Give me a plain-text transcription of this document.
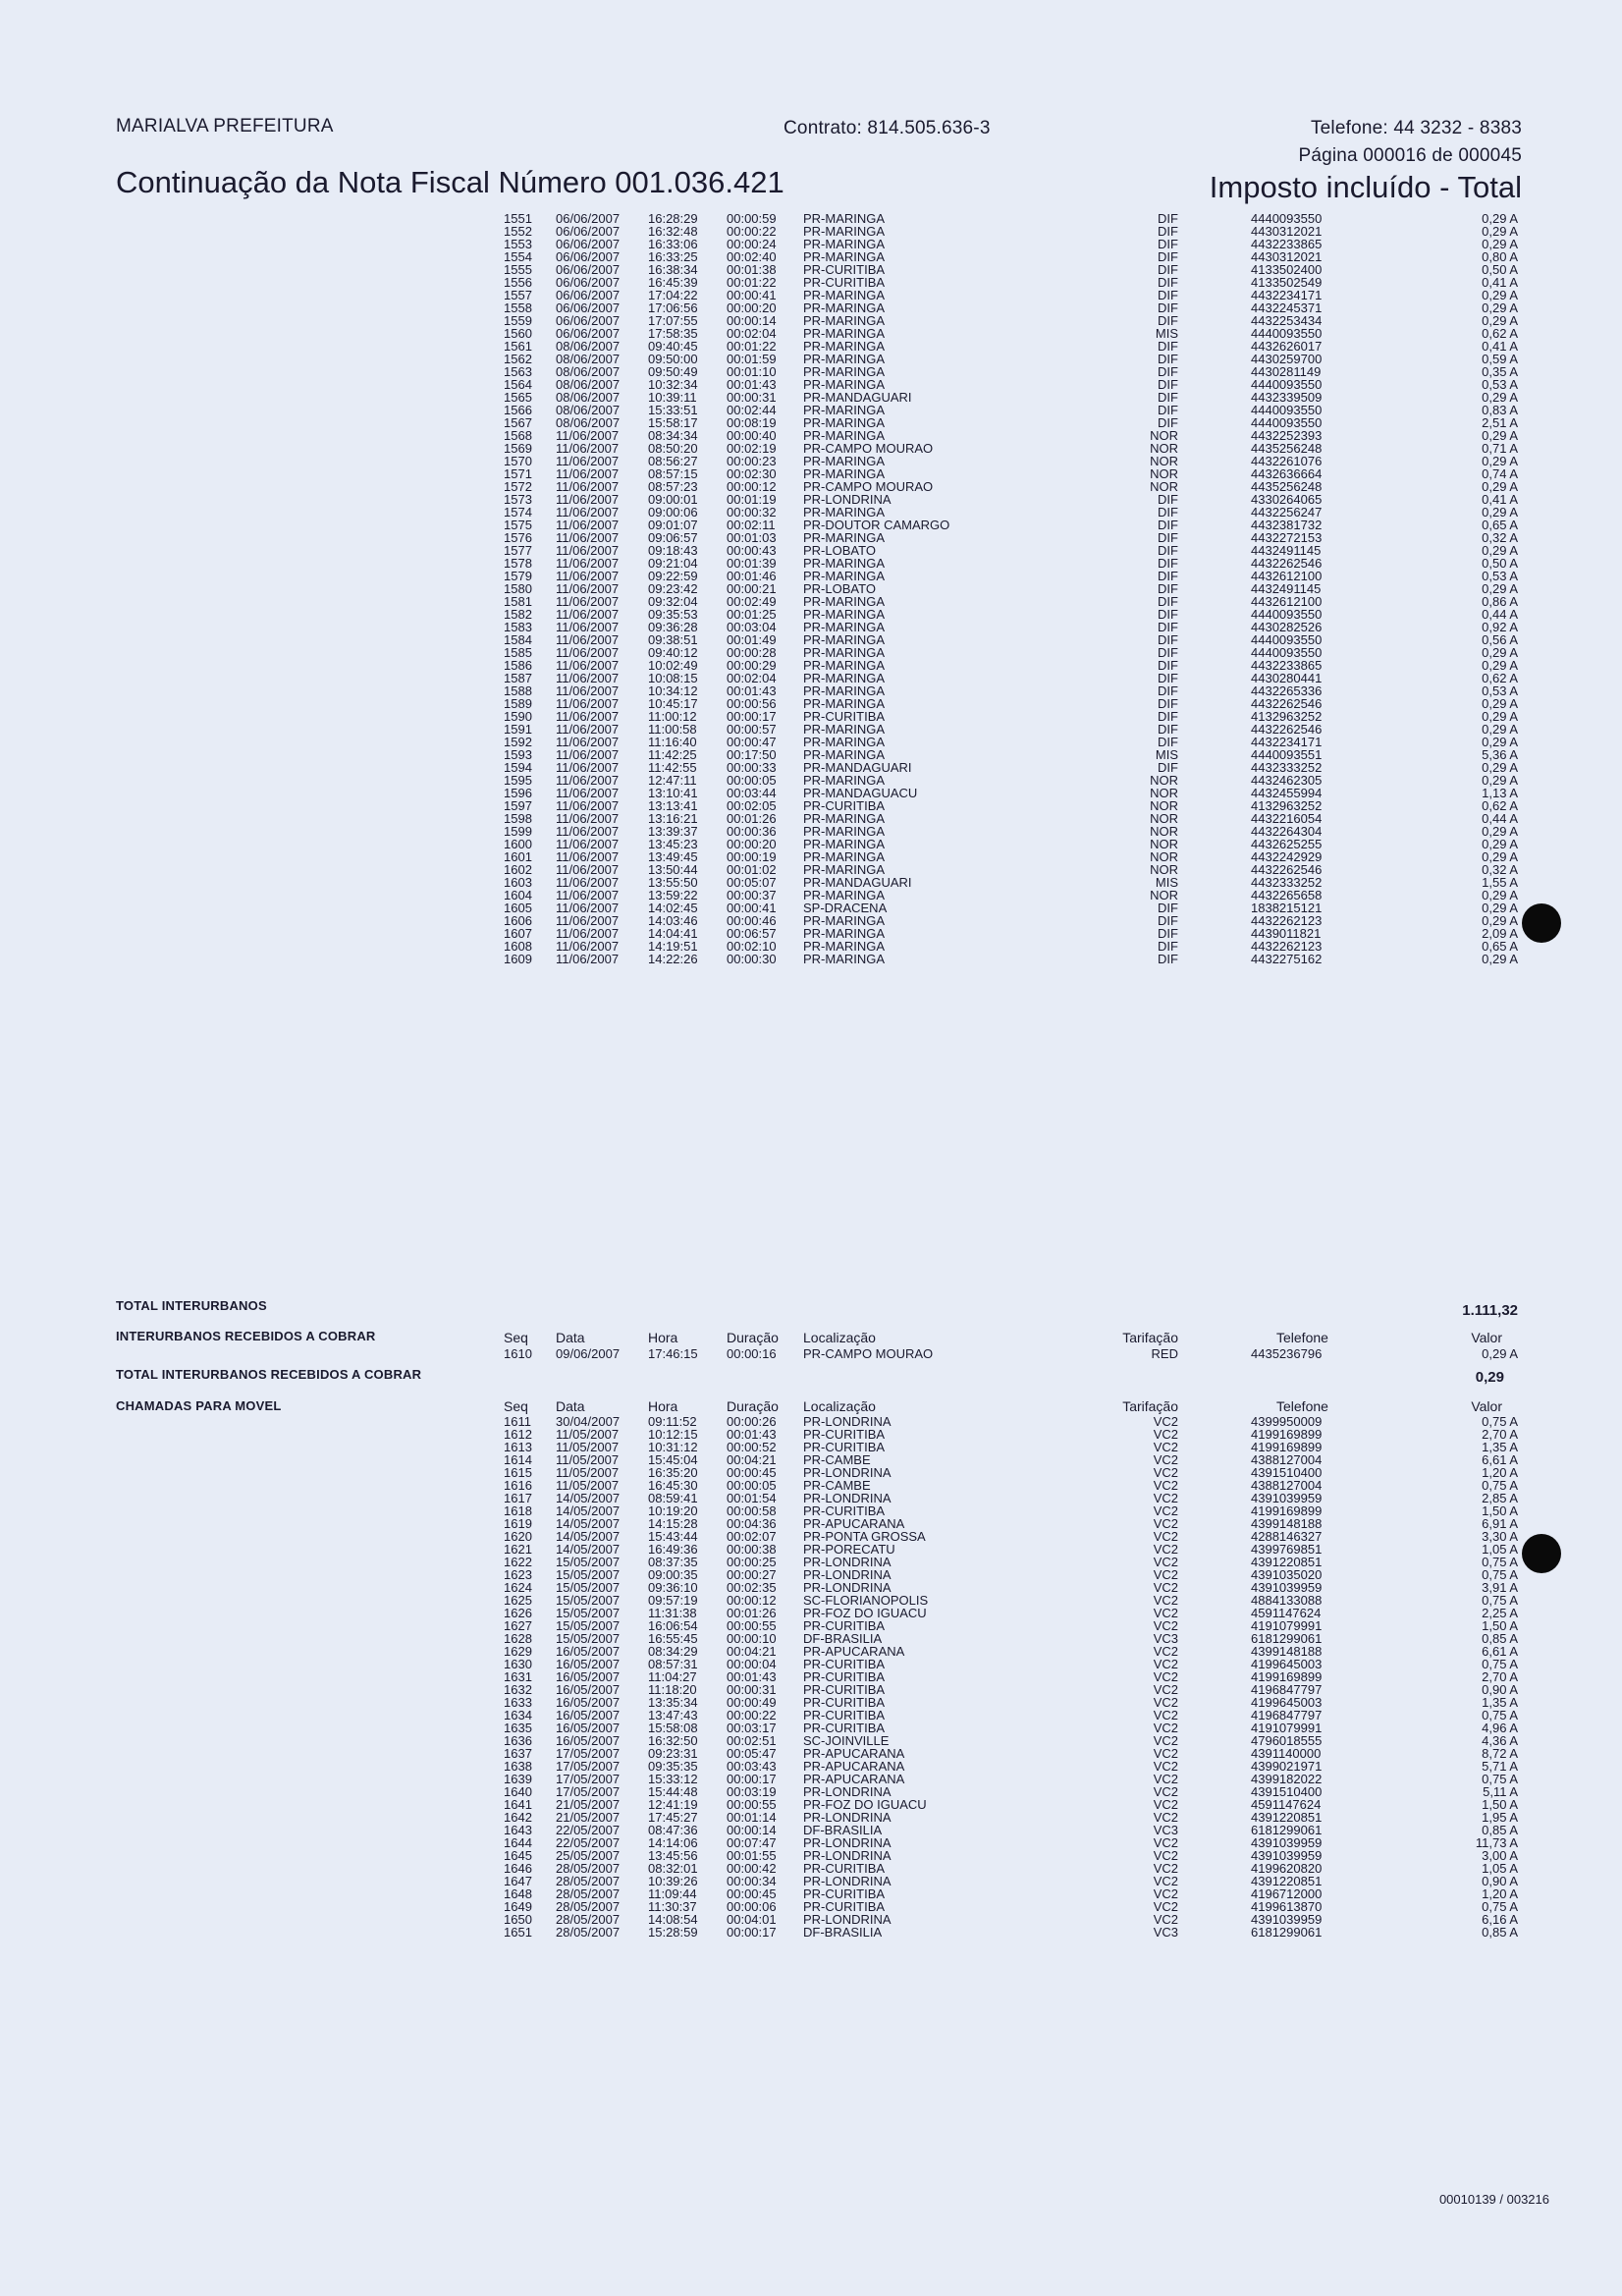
MARIALVA PREFEITURA	Contrato: 814.505.636-3	Telefone: 44 3232 - 8383
Página 000016 de 000045
Continuação da Nota Fiscal Número 001.036.421	Imposto incluído - Total
1551 06/06/2007 16:28:29 00:00:59 PR-MARINGA	DIF	4440093550	0,29 A
1552 06/06/2007 16:32:48 00:00:22 PR-MARINGA	DIF	4430312021	0,29 A
1553 06/06/2007 16:33:06 00:00:24 PR-MARINGA	DIF	4432233865	0,29 A
1554 06/06/2007 16:33:25 00:02:40 PR-MARINGA	DIF	4430312021	0,80 A
1555 06/06/2007 16:38:34 00:01:38 PR-CURITIBA	DIF	4133502400	0,50 A
1556 06/06/2007 16:45:39 00:01:22 PR-CURITIBA	DIF	4133502549	0,41 A
1557 06/06/2007 17:04:22 00:00:41 PR-MARINGA	DIF	4432234171	0,29 A
1558 06/06/2007 17:06:56 00:00:20 PR-MARINGA	DIF	4432245371	0,29 A
1559 06/06/2007 17:07:55 00:00:14 PR-MARINGA	DIF	4432253434	0,29 A
1560 06/06/2007 17:58:35 00:02:04 PR-MARINGA	MIS	4440093550	0,62 A
1561 08/06/2007 09:40:45 00:01:22 PR-MARINGA	DIF	4432626017	0,41 A
1562 08/06/2007 09:50:00 00:01:59 PR-MARINGA	DIF	4430259700	0,59 A
1563 08/06/2007 09:50:49 00:01:10 PR-MARINGA	DIF	4430281149	0,35 A
1564 08/06/2007 10:32:34 00:01:43 PR-MARINGA	DIF	4440093550	0,53 A
1565 08/06/2007 10:39:11 00:00:31 PR-MANDAGUARI	DIF	4432339509	0,29 A
1566 08/06/2007 15:33:51 00:02:44 PR-MARINGA	DIF	4440093550	0,83 A
1567 08/06/2007 15:58:17 00:08:19 PR-MARINGA	DIF	4440093550	2,51 A
1568 11/06/2007 08:34:34 00:00:40 PR-MARINGA	NOR	4432252393	0,29 A
1569 11/06/2007 08:50:20 00:02:19 PR-CAMPO MOURAO	NOR	4435256248	0,71 A
1570 11/06/2007 08:56:27 00:00:23 PR-MARINGA	NOR	4432261076	0,29 A
1571 11/06/2007 08:57:15 00:02:30 PR-MARINGA	NOR	4432636664	0,74 A
1572 11/06/2007 08:57:23 00:00:12 PR-CAMPO MOURAO	NOR	4435256248	0,29 A
1573 11/06/2007 09:00:01 00:01:19 PR-LONDRINA	DIF	4330264065	0,41 A
1574 11/06/2007 09:00:06 00:00:32 PR-MARINGA	DIF	4432256247	0,29 A
1575 11/06/2007 09:01:07 00:02:11 PR-DOUTOR CAMARGO	DIF	4432381732	0,65 A
1576 11/06/2007 09:06:57 00:01:03 PR-MARINGA	DIF	4432272153	0,32 A
1577 11/06/2007 09:18:43 00:00:43 PR-LOBATO	DIF	4432491145	0,29 A
1578 11/06/2007 09:21:04 00:01:39 PR-MARINGA	DIF	4432262546	0,50 A
1579 11/06/2007 09:22:59 00:01:46 PR-MARINGA	DIF	4432612100	0,53 A
1580 11/06/2007 09:23:42 00:00:21 PR-LOBATO	DIF	4432491145	0,29 A
1581 11/06/2007 09:32:04 00:02:49 PR-MARINGA	DIF	4432612100	0,86 A
1582 11/06/2007 09:35:53 00:01:25 PR-MARINGA	DIF	4440093550	0,44 A
1583 11/06/2007 09:36:28 00:03:04 PR-MARINGA	DIF	4430282526	0,92 A
1584 11/06/2007 09:38:51 00:01:49 PR-MARINGA	DIF	4440093550	0,56 A
1585 11/06/2007 09:40:12 00:00:28 PR-MARINGA	DIF	4440093550	0,29 A
1586 11/06/2007 10:02:49 00:00:29 PR-MARINGA	DIF	4432233865	0,29 A
1587 11/06/2007 10:08:15 00:02:04 PR-MARINGA	DIF	4430280441	0,62 A
1588 11/06/2007 10:34:12 00:01:43 PR-MARINGA	DIF	4432265336	0,53 A
1589 11/06/2007 10:45:17 00:00:56 PR-MARINGA	DIF	4432262546	0,29 A
1590 11/06/2007 11:00:12 00:00:17 PR-CURITIBA	DIF	4132963252	0,29 A
1591 11/06/2007 11:00:58 00:00:57 PR-MARINGA	DIF	4432262546	0,29 A
1592 11/06/2007 11:16:40 00:00:47 PR-MARINGA	DIF	4432234171	0,29 A
1593 11/06/2007 11:42:25 00:17:50 PR-MARINGA	MIS	4440093551	5,36 A
1594 11/06/2007 11:42:55 00:00:33 PR-MANDAGUARI	DIF	4432333252	0,29 A
1595 11/06/2007 12:47:11 00:00:05 PR-MARINGA	NOR	4432462305	0,29 A
1596 11/06/2007 13:10:41 00:03:44 PR-MANDAGUACU	NOR	4432455994	1,13 A
1597 11/06/2007 13:13:41 00:02:05 PR-CURITIBA	NOR	4132963252	0,62 A
1598 11/06/2007 13:16:21 00:01:26 PR-MARINGA	NOR	4432216054	0,44 A
1599 11/06/2007 13:39:37 00:00:36 PR-MARINGA	NOR	4432264304	0,29 A
1600 11/06/2007 13:45:23 00:00:20 PR-MARINGA	NOR	4432625255	0,29 A
1601 11/06/2007 13:49:45 00:00:19 PR-MARINGA	NOR	4432242929	0,29 A
1602 11/06/2007 13:50:44 00:01:02 PR-MARINGA	NOR	4432262546	0,32 A
1603 11/06/2007 13:55:50 00:05:07 PR-MANDAGUARI	MIS	4432333252	1,55 A
1604 11/06/2007 13:59:22 00:00:37 PR-MARINGA	NOR	4432265658	0,29 A
1605 11/06/2007 14:02:45 00:00:41 SP-DRACENA	DIF	1838215121	0,29 A
1606 11/06/2007 14:03:46 00:00:46 PR-MARINGA	DIF	4432262123	0,29 A
1607 11/06/2007 14:04:41 00:06:57 PR-MARINGA	DIF	4439011821	2,09 A
1608 11/06/2007 14:19:51 00:02:10 PR-MARINGA	DIF	4432262123	0,65 A
1609 11/06/2007 14:22:26 00:00:30 PR-MARINGA	DIF	4432275162	0,29 A
TOTAL INTERURBANOS	1.111,32
INTERURBANOS RECEBIDOS A COBRAR	Seq Data	Hora	Duração Localização	Tarifação	Telefone	Valor
1610 09/06/2007 17:46:15 00:00:16 PR-CAMPO MOURAO	RED	4435236796	0,29 A
TOTAL INTERURBANOS RECEBIDOS A COBRAR	0,29
CHAMADAS PARA MOVEL	Seq Data	Hora	Duração Localização	Tarifação	Telefone	Valor
1611 30/04/2007 09:11:52 00:00:26 PR-LONDRINA	VC2	4399950009	0,75 A
1612 11/05/2007 10:12:15 00:01:43 PR-CURITIBA	VC2	4199169899	2,70 A
1613 11/05/2007 10:31:12 00:00:52 PR-CURITIBA	VC2	4199169899	1,35 A
1614 11/05/2007 15:45:04 00:04:21 PR-CAMBE	VC2	4388127004	6,61 A
1615 11/05/2007 16:35:20 00:00:45 PR-LONDRINA	VC2	4391510400	1,20 A
1616 11/05/2007 16:45:30 00:00:05 PR-CAMBE	VC2	4388127004	0,75 A
1617 14/05/2007 08:59:41 00:01:54 PR-LONDRINA	VC2	4391039959	2,85 A
1618 14/05/2007 10:19:20 00:00:58 PR-CURITIBA	VC2	4199169899	1,50 A
1619 14/05/2007 14:15:28 00:04:36 PR-APUCARANA	VC2	4399148188	6,91 A
1620 14/05/2007 15:43:44 00:02:07 PR-PONTA GROSSA	VC2	4288146327	3,30 A
1621 14/05/2007 16:49:36 00:00:38 PR-PORECATU	VC2	4399769851	1,05 A
1622 15/05/2007 08:37:35 00:00:25 PR-LONDRINA	VC2	4391220851	0,75 A
1623 15/05/2007 09:00:35 00:00:27 PR-LONDRINA	VC2	4391035020	0,75 A
1624 15/05/2007 09:36:10 00:02:35 PR-LONDRINA	VC2	4391039959	3,91 A
1625 15/05/2007 09:57:19 00:00:12 SC-FLORIANOPOLIS	VC2	4884133088	0,75 A
1626 15/05/2007 11:31:38 00:01:26 PR-FOZ DO IGUACU	VC2	4591147624	2,25 A
1627 15/05/2007 16:06:54 00:00:55 PR-CURITIBA	VC2	4191079991	1,50 A
1628 15/05/2007 16:55:45 00:00:10 DF-BRASILIA	VC3	6181299061	0,85 A
1629 16/05/2007 08:34:29 00:04:21 PR-APUCARANA	VC2	4399148188	6,61 A
1630 16/05/2007 08:57:31 00:00:04 PR-CURITIBA	VC2	4199645003	0,75 A
1631 16/05/2007 11:04:27 00:01:43 PR-CURITIBA	VC2	4199169899	2,70 A
1632 16/05/2007 11:18:20 00:00:31 PR-CURITIBA	VC2	4196847797	0,90 A
1633 16/05/2007 13:35:34 00:00:49 PR-CURITIBA	VC2	4199645003	1,35 A
1634 16/05/2007 13:47:43 00:00:22 PR-CURITIBA	VC2	4196847797	0,75 A
1635 16/05/2007 15:58:08 00:03:17 PR-CURITIBA	VC2	4191079991	4,96 A
1636 16/05/2007 16:32:50 00:02:51 SC-JOINVILLE	VC2	4796018555	4,36 A
1637 17/05/2007 09:23:31 00:05:47 PR-APUCARANA	VC2	4391140000	8,72 A
1638 17/05/2007 09:35:35 00:03:43 PR-APUCARANA	VC2	4399021971	5,71 A
1639 17/05/2007 15:33:12 00:00:17 PR-APUCARANA	VC2	4399182022	0,75 A
1640 17/05/2007 15:44:48 00:03:19 PR-LONDRINA	VC2	4391510400	5,11 A
1641 21/05/2007 12:41:19 00:00:55 PR-FOZ DO IGUACU	VC2	4591147624	1,50 A
1642 21/05/2007 17:45:27 00:01:14 PR-LONDRINA	VC2	4391220851	1,95 A
1643 22/05/2007 08:47:36 00:00:14 DF-BRASILIA	VC3	6181299061	0,85 A
1644 22/05/2007 14:14:06 00:07:47 PR-LONDRINA	VC2	4391039959	11,73 A
1645 25/05/2007 13:45:56 00:01:55 PR-LONDRINA	VC2	4391039959	3,00 A
1646 28/05/2007 08:32:01 00:00:42 PR-CURITIBA	VC2	4199620820	1,05 A
1647 28/05/2007 10:39:26 00:00:34 PR-LONDRINA	VC2	4391220851	0,90 A
1648 28/05/2007 11:09:44 00:00:45 PR-CURITIBA	VC2	4196712000	1,20 A
1649 28/05/2007 11:30:37 00:00:06 PR-CURITIBA	VC2	4199613870	0,75 A
1650 28/05/2007 14:08:54 00:04:01 PR-LONDRINA	VC2	4391039959	6,16 A
1651 28/05/2007 15:28:59 00:00:17 DF-BRASILIA	VC3	6181299061	0,85 A
00010139 / 003216
